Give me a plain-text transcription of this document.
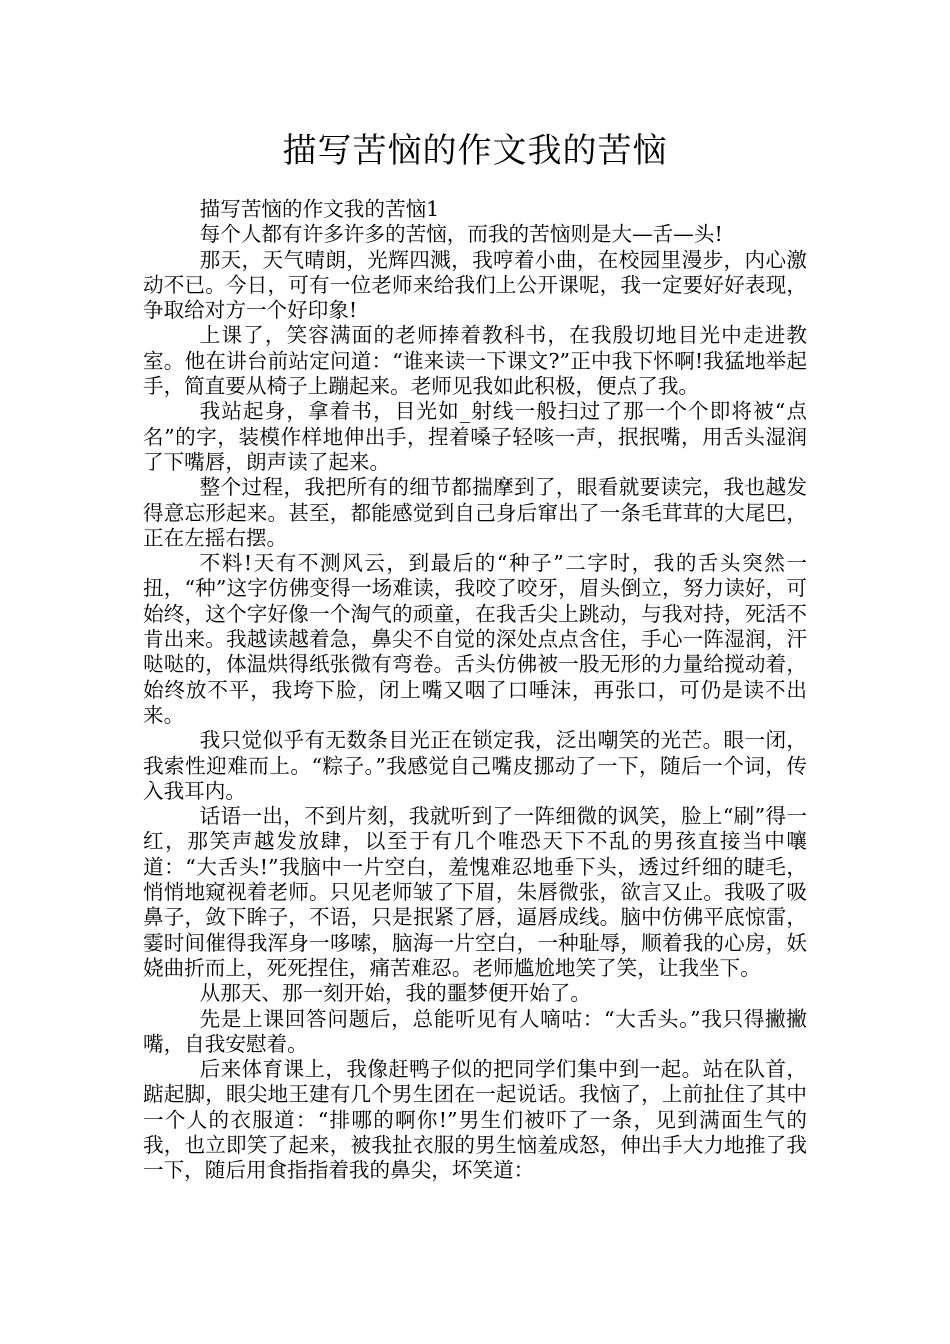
描写苦恼的作文我的苦恼

描写苦恼的作文我的苦恼1

每个人都有许多许多的苦恼，而我的苦恼则是大—舌—头!

那天，天气晴朗，光辉四溅，我哼着小曲，在校园里漫步，内心激动不已。今日，可有一位老师来给我们上公开课呢，我一定要好好表现，争取给对方一个好印象!

上课了，笑容满面的老师捧着教科书，在我殷切地目光中走进教室。他在讲台前站定问道：“谁来读一下课文?”正中我下怀啊!我猛地举起手，简直要从椅子上蹦起来。老师见我如此积极，便点了我。

我站起身，拿着书，目光如_射线一般扫过了那一个个即将被“点名”的字，装模作样地伸出手，捏着嗓子轻咳一声，抿抿嘴，用舌头湿润了下嘴唇，朗声读了起来。

整个过程，我把所有的细节都揣摩到了，眼看就要读完，我也越发得意忘形起来。甚至，都能感觉到自己身后窜出了一条毛茸茸的大尾巴，正在左摇右摆。

不料!天有不测风云，到最后的“种子”二字时，我的舌头突然一扭，“种”这字仿佛变得一场难读，我咬了咬牙，眉头倒立，努力读好，可始终，这个字好像一个淘气的顽童，在我舌尖上跳动，与我对持，死活不肯出来。我越读越着急，鼻尖不自觉的深处点点含住，手心一阵湿润，汗哒哒的，体温烘得纸张微有弯卷。舌头仿佛被一股无形的力量给搅动着，始终放不平，我垮下脸，闭上嘴又咽了口唾沫，再张口，可仍是读不出来。

我只觉似乎有无数条目光正在锁定我，泛出嘲笑的光芒。眼一闭，我索性迎难而上。“粽子。”我感觉自己嘴皮挪动了一下，随后一个词，传入我耳内。

话语一出，不到片刻，我就听到了一阵细微的讽笑，脸上“刷”得一红，那笑声越发放肆，以至于有几个唯恐天下不乱的男孩直接当中嚷道：“大舌头!”我脑中一片空白，羞愧难忍地垂下头，透过纤细的睫毛，悄悄地窥视着老师。只见老师皱了下眉，朱唇微张，欲言又止。我吸了吸鼻子，敛下眸子，不语，只是抿紧了唇，逼唇成线。脑中仿佛平底惊雷，霎时间催得我浑身一哆嗦，脑海一片空白，一种耻辱，顺着我的心房，妖娆曲折而上，死死捏住，痛苦难忍。老师尴尬地笑了笑，让我坐下。

从那天、那一刻开始，我的噩梦便开始了。

先是上课回答问题后，总能听见有人嘀咕：“大舌头。”我只得撇撇嘴，自我安慰着。

后来体育课上，我像赶鸭子似的把同学们集中到一起。站在队首，踮起脚，眼尖地王建有几个男生团在一起说话。我恼了，上前扯住了其中一个人的衣服道：“排哪的啊你!”男生们被吓了一条，见到满面生气的我，也立即笑了起来，被我扯衣服的男生恼羞成怒，伸出手大力地推了我一下，随后用食指指着我的鼻尖，坏笑道：
